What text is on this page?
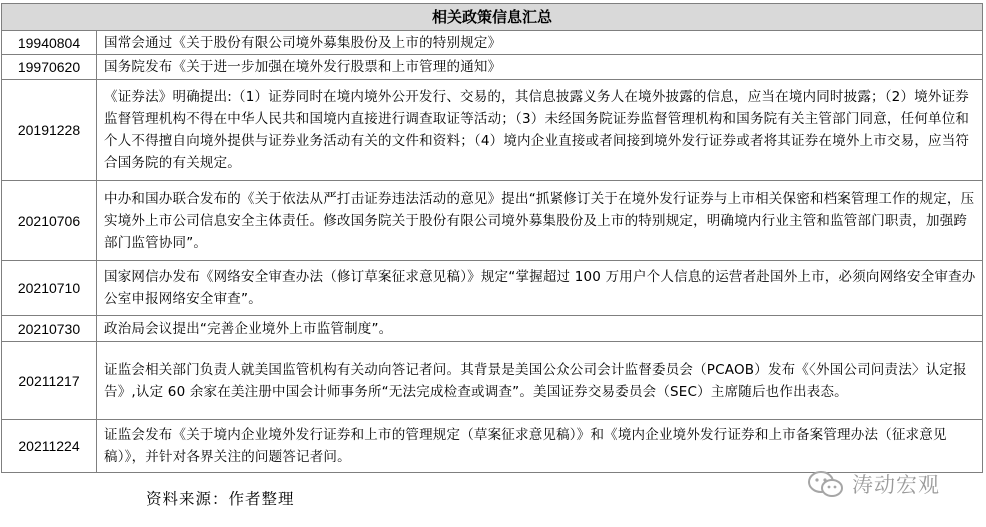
相关政策信息汇总	
19940804	国常会通过《关于股份有限公司境外募集股份及上市的特别规定》
19970620	国务院发布《关于进一步加强在境外发行股票和上市管理的通知》
20191228	《证券法》明确提出:（1）证券同时在境内境外公开发行、交易的，其信息披露义务人在境外披露的信息，应当在境内同时披露；（2）境外证券监督管理机构不得在中华人民共和国境内直接进行调查取证等活动；（3）未经国务院证券监督管理机构和国务院有关主管部门同意，任何单位和个人不得擅自向境外提供与证券业务活动有关的文件和资料；（4）境内企业直接或者间接到境外发行证券或者将其证券在境外上市交易，应当符合国务院的有关规定。
20210706	中办和国办联合发布的《关于依法从严打击证券违法活动的意见》提出“抓紧修订关于在境外发行证券与上市相关保密和档案管理工作的规定，压实境外上市公司信息安全主体责任。修改国务院关于股份有限公司境外募集股份及上市的特别规定，明确境内行业主管和监管部门职责，加强跨部门监管协同”。
20210710	国家网信办发布《网络安全审查办法（修订草案征求意见稿）》规定“掌握超过 100 万用户个人信息的运营者赴国外上市，必须向网络安全审查办公室申报网络安全审查”。
20210730	政治局会议提出“完善企业境外上市监管制度”。
20211217	证监会相关部门负责人就美国监管机构有关动向答记者问。其背景是美国公众公司会计监督委员会（PCAOB）发布《〈外国公司问责法〉认定报告》,认定 60 余家在美注册中国会计师事务所“无法完成检查或调查”。美国证券交易委员会（SEC）主席随后也作出表态。
20211224	证监会发布《关于境内企业境外发行证券和上市的管理规定（草案征求意见稿）》和《境内企业境外发行证券和上市备案管理办法（征求意见稿）》，并针对各界关注的问题答记者问。
资料来源：作者整理
涛动宏观
